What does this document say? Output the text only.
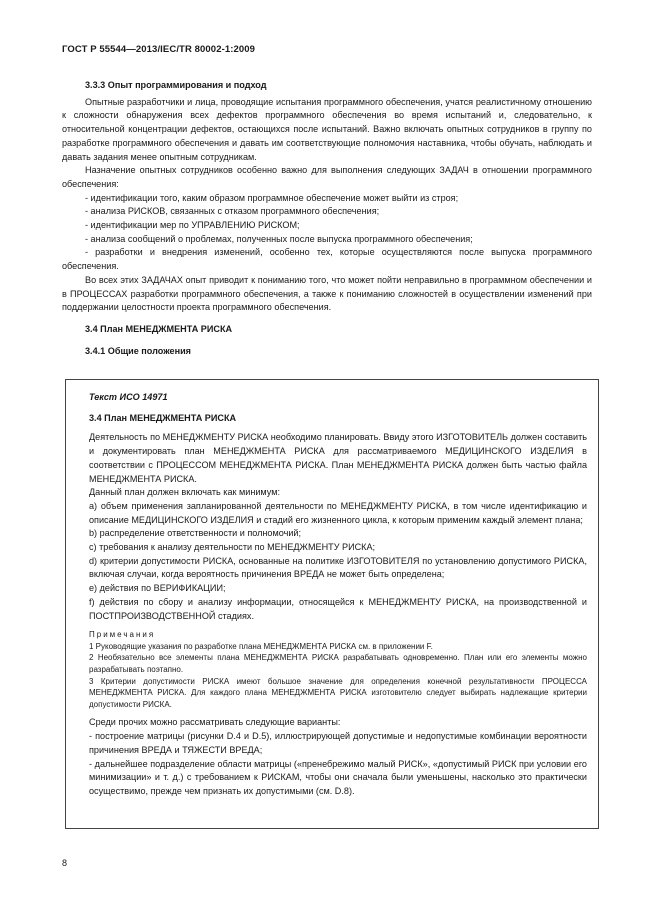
ГОСТ Р 55544—2013/IEC/TR 80002-1:2009

3.3.3 Опыт программирования и подход

Опытные разработчики и лица, проводящие испытания программного обеспечения, учатся реалистичному отношению к сложности обнаружения всех дефектов программного обеспечения во время испытаний и, следовательно, к относительной концентрации дефектов, остающихся после испытаний. Важно включать опытных сотрудников в группу по разработке программного обеспечения и давать им соответствующие полномочия наставника, чтобы обучать, наблюдать и давать задания менее опытным сотрудникам.

Назначение опытных сотрудников особенно важно для выполнения следующих ЗАДАЧ в отношении программного обеспечения:

- идентификации того, каким образом программное обеспечение может выйти из строя;

- анализа РИСКОВ, связанных с отказом программного обеспечения;

- идентификации мер по УПРАВЛЕНИЮ РИСКОМ;

- анализа сообщений о проблемах, полученных после выпуска программного обеспечения;

- разработки и внедрения изменений, особенно тех, которые осуществляются после выпуска программного обеспечения.

Во всех этих ЗАДАЧАХ опыт приводит к пониманию того, что может пойти неправильно в программном обеспечении и в ПРОЦЕССАХ разработки программного обеспечения, а также к пониманию сложностей в осуществлении изменений при поддержании целостности проекта программного обеспечения.

3.4 План МЕНЕДЖМЕНТА РИСКА

3.4.1 Общие положения

Текст ИСО 14971

3.4 План МЕНЕДЖМЕНТА РИСКА

Деятельность по МЕНЕДЖМЕНТУ РИСКА необходимо планировать. Ввиду этого ИЗГОТОВИТЕЛЬ должен составить и документировать план МЕНЕДЖМЕНТА РИСКА для рассматриваемого МЕДИЦИНСКОГО ИЗДЕЛИЯ в соответствии с ПРОЦЕССОМ МЕНЕДЖМЕНТА РИСКА. План МЕНЕДЖМЕНТА РИСКА должен быть частью файла МЕНЕДЖМЕНТА РИСКА.

Данный план должен включать как минимум:

a) объем применения запланированной деятельности по МЕНЕДЖМЕНТУ РИСКА, в том числе идентификацию и описание МЕДИЦИНСКОГО ИЗДЕЛИЯ и стадий его жизненного цикла, к которым применим каждый элемент плана;

b) распределение ответственности и полномочий;

c) требования к анализу деятельности по МЕНЕДЖМЕНТУ РИСКА;

d) критерии допустимости РИСКА, основанные на политике ИЗГОТОВИТЕЛЯ по установлению допустимого РИСКА, включая случаи, когда вероятность причинения ВРЕДА не может быть определена;

e) действия по ВЕРИФИКАЦИИ;

f) действия по сбору и анализу информации, относящейся к МЕНЕДЖМЕНТУ РИСКА, на производственной и ПОСТПРОИЗВОДСТВЕННОЙ стадиях.

Примечания

1 Руководящие указания по разработке плана МЕНЕДЖМЕНТА РИСКА см. в приложении F.

2 Необязательно все элементы плана МЕНЕДЖМЕНТА РИСКА разрабатывать одновременно. План или его элементы можно разрабатывать поэтапно.

3 Критерии допустимости РИСКА имеют большое значение для определения конечной результативности ПРОЦЕССА МЕНЕДЖМЕНТА РИСКА. Для каждого плана МЕНЕДЖМЕНТА РИСКА изготовителю следует выбирать надлежащие критерии допустимости РИСКА.

Среди прочих можно рассматривать следующие варианты:

- построение матрицы (рисунки D.4 и D.5), иллюстрирующей допустимые и недопустимые комбинации вероятности причинения ВРЕДА и ТЯЖЕСТИ ВРЕДА;

- дальнейшее подразделение области матрицы («пренебрежимо малый РИСК», «допустимый РИСК при условии его минимизации» и т. д.) с требованием к РИСКАМ, чтобы они сначала были уменьшены, насколько это практически осуществимо, прежде чем признать их допустимыми (см. D.8).

8
